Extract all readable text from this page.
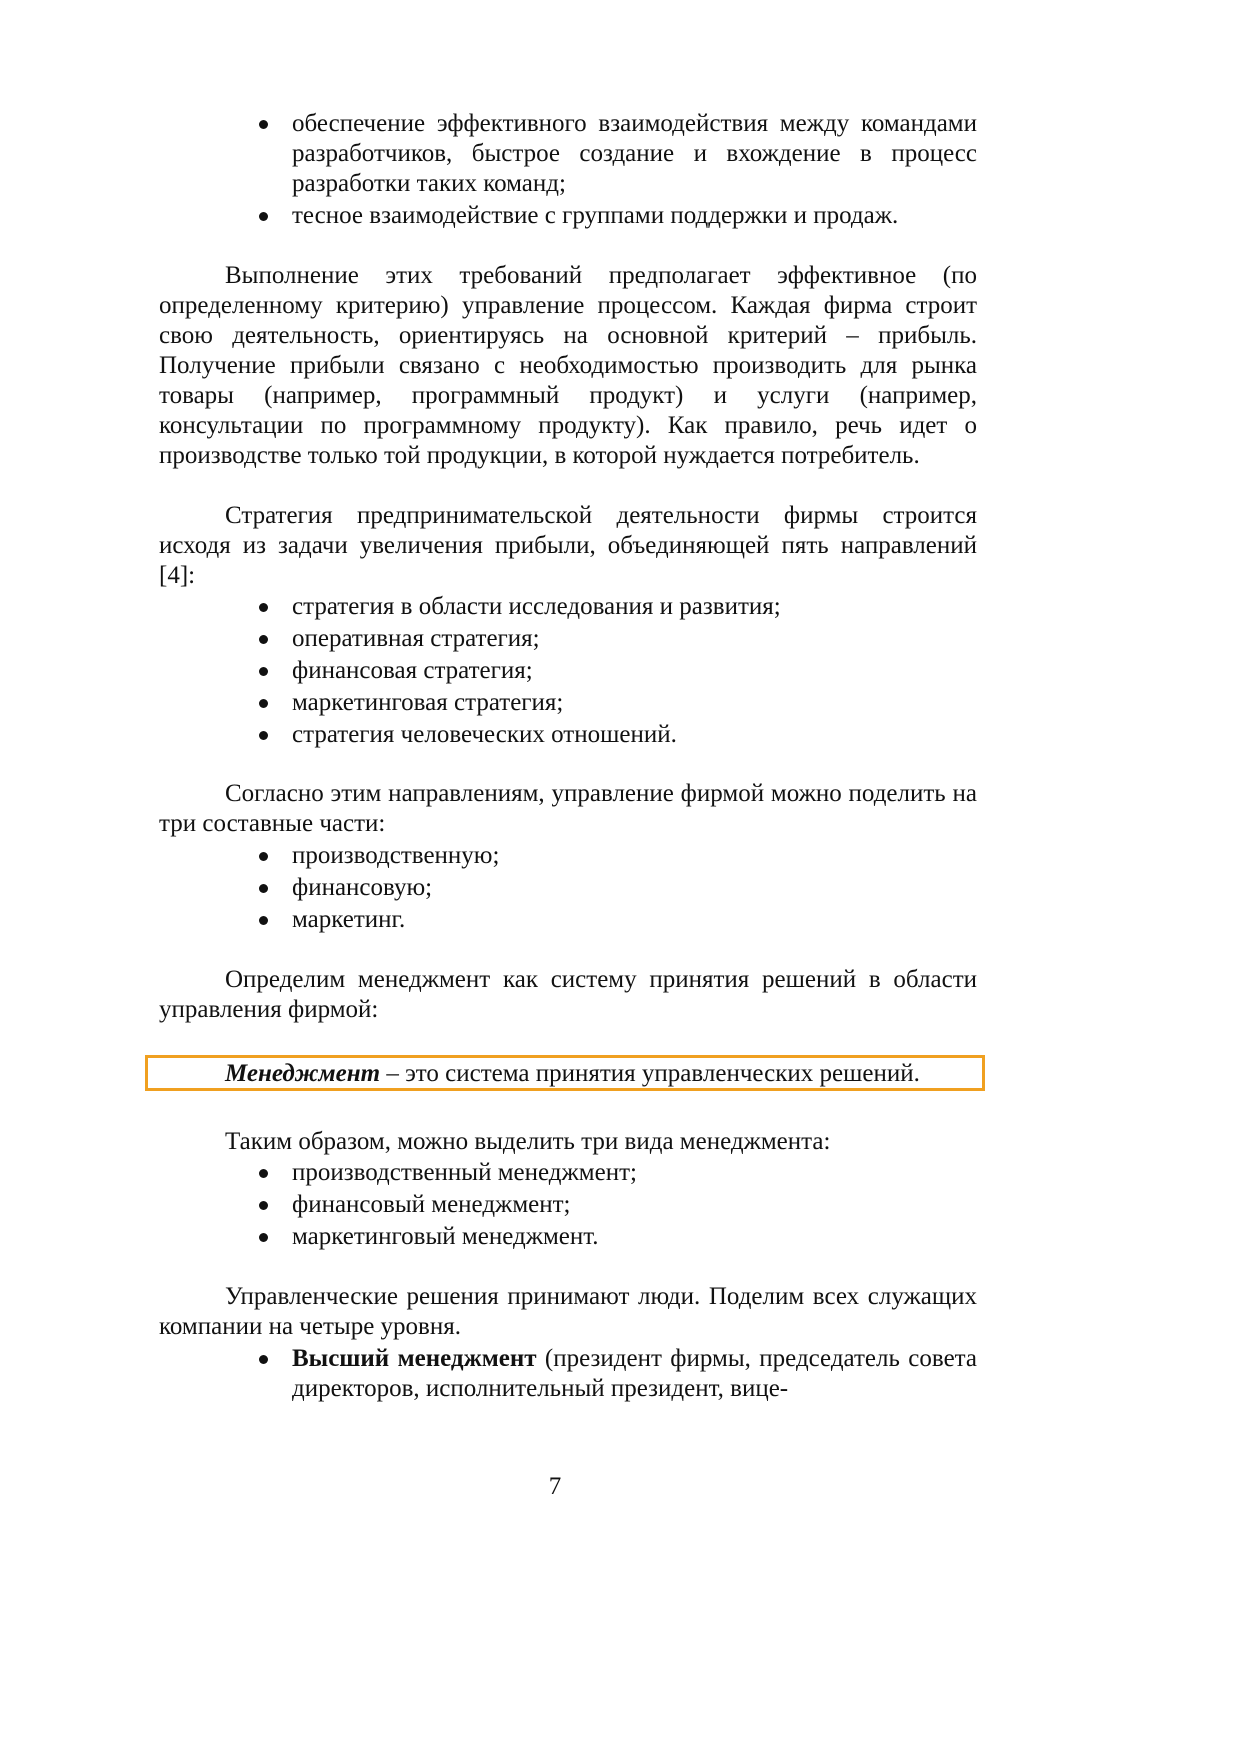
обеспечение эффективного взаимодействия между командами разработчиков, быстрое создание и вхождение в процесс разработки таких команд;
тесное взаимодействие с группами поддержки и продаж.

Выполнение этих требований предполагает эффективное (по определенному критерию) управление процессом. Каждая фирма строит свою деятельность, ориентируясь на основной критерий – прибыль. Получение прибыли связано с необходимостью производить для рынка товары (например, программный продукт) и услуги (например, консультации по программному продукту). Как правило, речь идет о производстве только той продукции, в которой нуждается потребитель.

Стратегия предпринимательской деятельности фирмы строится исходя из задачи увеличения прибыли, объединяющей пять направлений [4]:

стратегия в области исследования и развития;
оперативная стратегия;
финансовая стратегия;
маркетинговая стратегия;
стратегия человеческих отношений.

Согласно этим направлениям, управление фирмой можно поделить на три составные части:

производственную;
финансовую;
маркетинг.

Определим менеджмент как систему принятия решений в области управления фирмой:

Менеджмент – это система принятия управленческих решений.

Таким образом, можно выделить три вида менеджмента:

производственный менеджмент;
финансовый менеджмент;
маркетинговый менеджмент.

Управленческие решения принимают люди. Поделим всех служащих компании на четыре уровня.

Высший менеджмент (президент фирмы, председатель совета директоров, исполнительный президент, вице-
7
